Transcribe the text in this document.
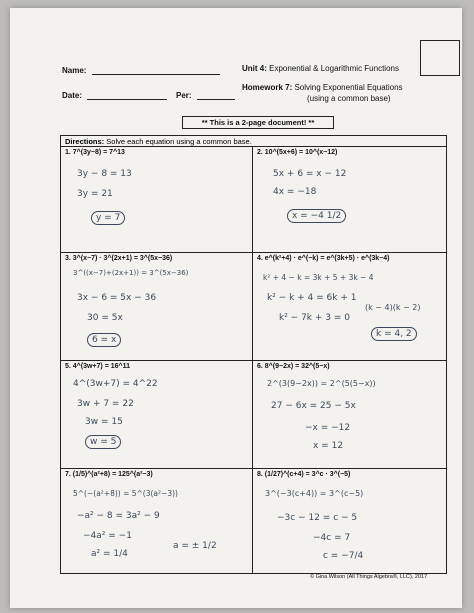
Name:
Date:	Per:
Unit 4: Exponential & Logarithmic Functions
Homework 7: Solving Exponential Equations
(using a common base)
** This is a 2-page document! **
Directions: Solve each equation using a common base.
1. 7^(3y−8) = 7^13
3y − 8 = 13
3y = 21
y = 7
2. 10^(5x+6) = 10^(x−12)
5x + 6 = x − 12
4x = −18
x = −4 1/2
3. 3^(x−7) · 3^(2x+1) = 3^(5x−36)
3^((x−7)+(2x+1)) = 3^(5x−36)
3x − 6 = 5x − 36
30 = 5x
6 = x
4. e^(k²+4) · e^(−k) = e^(3k+5) · e^(3k−4)
k² + 4 − k = 3k + 5 + 3k − 4
k² − k + 4 = 6k + 1
k² − 7k + 3 = 0
(k − 4)(k − 2)
k = 4, 2
5. 4^(3w+7) = 16^11
4^(3w+7) = 4^22
3w + 7 = 22
3w = 15
w = 5
6. 8^(9−2x) = 32^(5−x)
2^(3(9−2x)) = 2^(5(5−x))
27 − 6x = 25 − 5x
−x = −12
x = 12
7. (1/5)^(a²+8) = 125^(a²−3)
5^(−(a²+8)) = 5^(3(a²−3))
−a² − 8 = 3a² − 9
−4a² = −1
a² = 1/4
a = ± 1/2
8. (1/27)^(c+4) = 3^c · 3^(−5)
3^(−3(c+4)) = 3^(c−5)
−3c − 12 = c − 5
−4c = 7
c = −7/4
© Gina Wilson (All Things Algebra®, LLC), 2017
